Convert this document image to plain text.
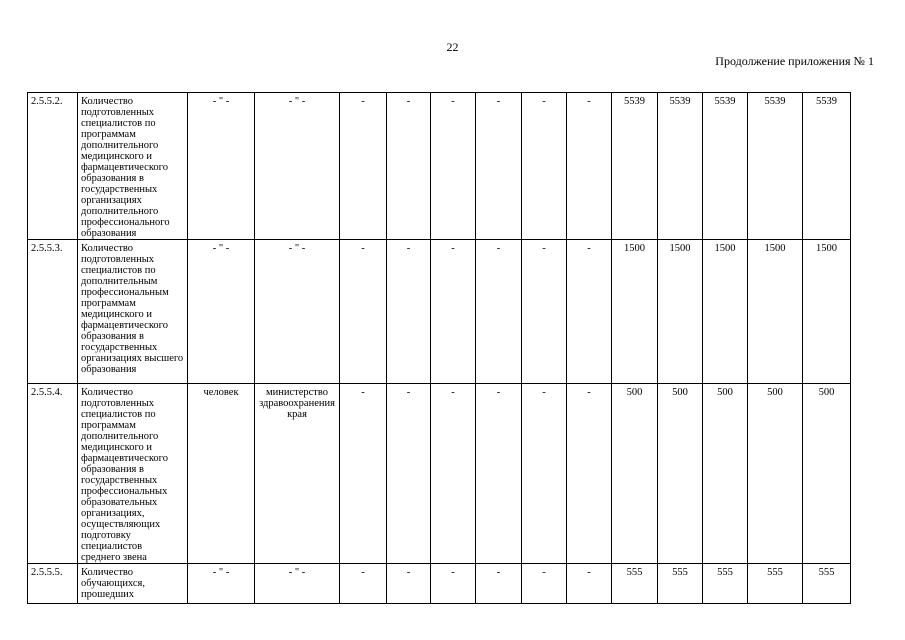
22
Продолжение приложения № 1
2.5.5.2.	Количество подготовленных специалистов по программам дополнительного медицинского и фармацевтического образования в государственных организациях дополнительного профессионального образования	- " -	- " -	-	-	-	-	-	-	5539	5539	5539	5539	5539

2.5.5.3.	Количество подготовленных специалистов по дополнительным профессиональным программам медицинского и фармацевтического образования в государственных организациях высшего образования	- " -	- " -	-	-	-	-	-	-	1500	1500	1500	1500	1500

2.5.5.4.	Количество подготовленных специалистов по программам дополнительного медицинского и фармацевтического образования в государственных профессиональных образовательных организациях, осуществляющих подготовку специалистов среднего звена	человек	министерство здравоохранения края	-	-	-	-	-	-	500	500	500	500	500

2.5.5.5.	Количество обучающихся, прошедших	- " -	- " -	-	-	-	-	-	-	555	555	555	555	555
